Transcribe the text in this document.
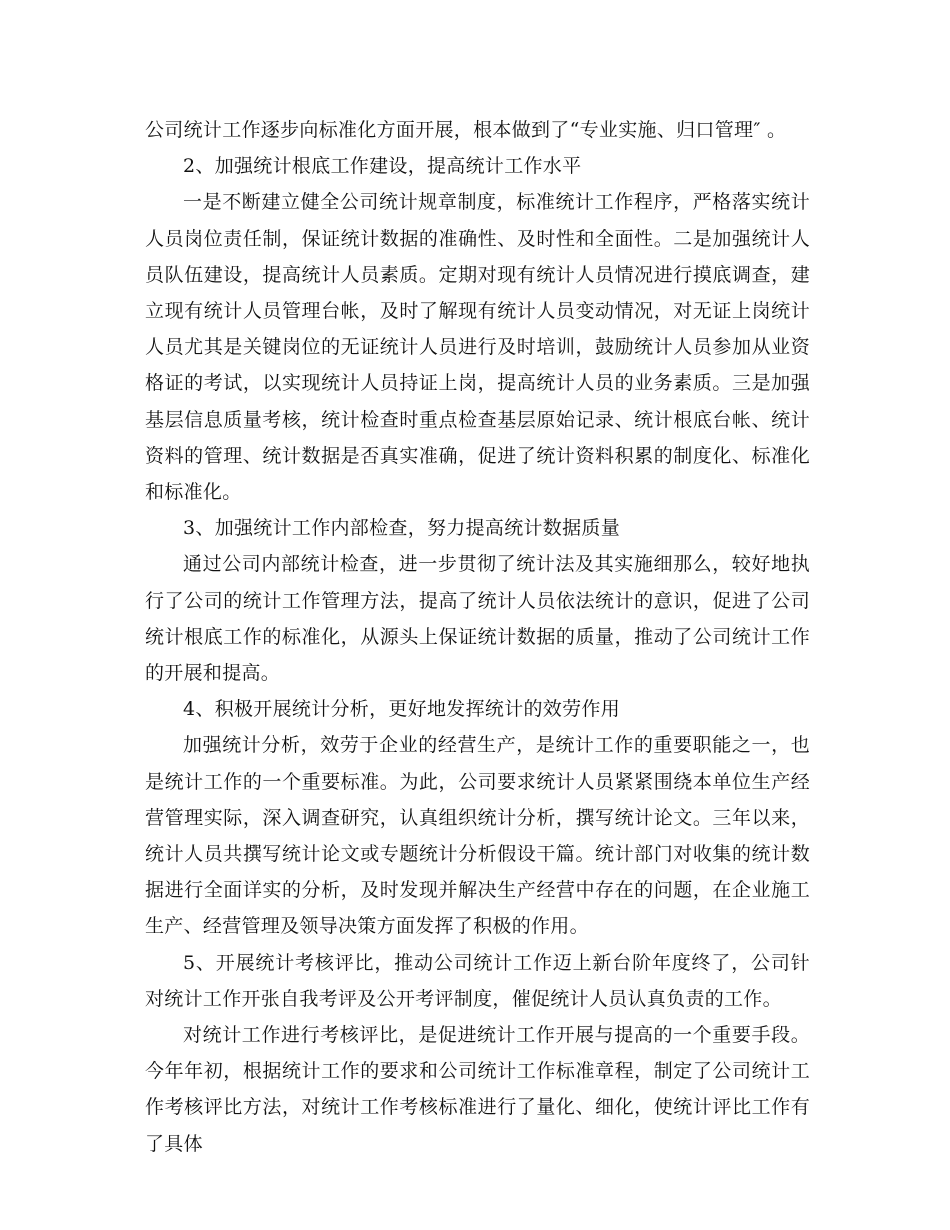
公司统计工作逐步向标准化方面开展，根本做到了“专业实施、归口管理″ 。

2、加强统计根底工作建设，提高统计工作水平

一是不断建立健全公司统计规章制度，标准统计工作程序，严格落实统计人员岗位责任制，保证统计数据的准确性、及时性和全面性。二是加强统计人员队伍建设，提高统计人员素质。定期对现有统计人员情况进行摸底调查，建立现有统计人员管理台帐，及时了解现有统计人员变动情况，对无证上岗统计人员尤其是关键岗位的无证统计人员进行及时培训，鼓励统计人员参加从业资格证的考试，以实现统计人员持证上岗，提高统计人员的业务素质。三是加强基层信息质量考核，统计检查时重点检查基层原始记录、统计根底台帐、统计资料的管理、统计数据是否真实准确，促进了统计资料积累的制度化、标准化和标准化。

3、加强统计工作内部检查，努力提高统计数据质量

通过公司内部统计检查，进一步贯彻了统计法及其实施细那么，较好地执行了公司的统计工作管理方法，提高了统计人员依法统计的意识，促进了公司统计根底工作的标准化，从源头上保证统计数据的质量，推动了公司统计工作的开展和提高。

4、积极开展统计分析，更好地发挥统计的效劳作用

加强统计分析，效劳于企业的经营生产，是统计工作的重要职能之一，也是统计工作的一个重要标准。为此，公司要求统计人员紧紧围绕本单位生产经营管理实际，深入调查研究，认真组织统计分析，撰写统计论文。三年以来，统计人员共撰写统计论文或专题统计分析假设干篇。统计部门对收集的统计数据进行全面详实的分析，及时发现并解决生产经营中存在的问题，在企业施工生产、经营管理及领导决策方面发挥了积极的作用。

5、开展统计考核评比，推动公司统计工作迈上新台阶年度终了，公司针对统计工作开张自我考评及公开考评制度，催促统计人员认真负责的工作。

对统计工作进行考核评比，是促进统计工作开展与提高的一个重要手段。今年年初，根据统计工作的要求和公司统计工作标准章程，制定了公司统计工作考核评比方法，对统计工作考核标准进行了量化、细化，使统计评比工作有了具体
